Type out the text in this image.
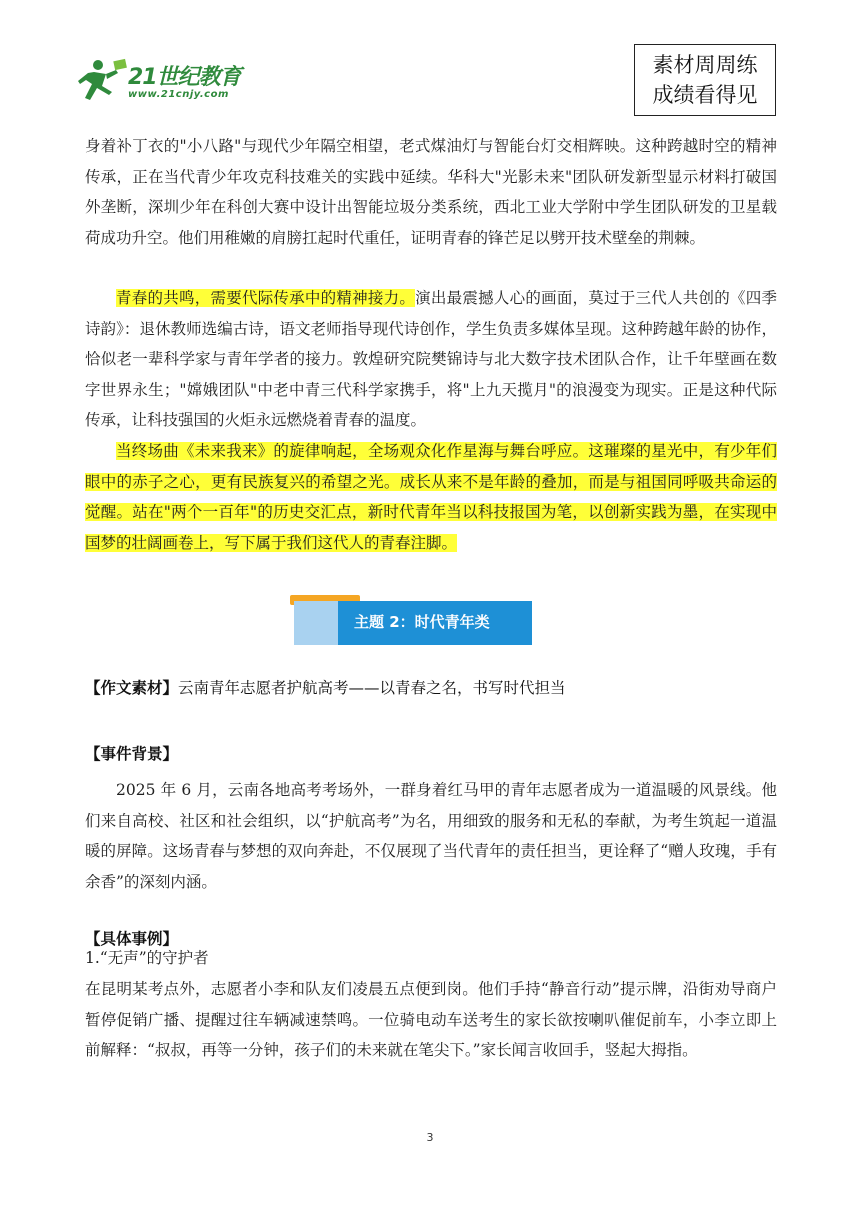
21世纪教育
www.21cnjy.com
素材周周练
成绩看得见

身着补丁衣的"小八路"与现代少年隔空相望，老式煤油灯与智能台灯交相辉映。这种跨越时空的精神传承，正在当代青少年攻克科技难关的实践中延续。华科大"光影未来"团队研发新型显示材料打破国外垄断，深圳少年在科创大赛中设计出智能垃圾分类系统，西北工业大学附中学生团队研发的卫星载荷成功升空。他们用稚嫩的肩膀扛起时代重任，证明青春的锋芒足以劈开技术壁垒的荆棘。

青春的共鸣，需要代际传承中的精神接力。演出最震撼人心的画面，莫过于三代人共创的《四季诗韵》：退休教师选编古诗，语文老师指导现代诗创作，学生负责多媒体呈现。这种跨越年龄的协作，恰似老一辈科学家与青年学者的接力。敦煌研究院樊锦诗与北大数字技术团队合作，让千年壁画在数字世界永生；"嫦娥团队"中老中青三代科学家携手，将"上九天揽月"的浪漫变为现实。正是这种代际传承，让科技强国的火炬永远燃烧着青春的温度。

当终场曲《未来我来》的旋律响起，全场观众化作星海与舞台呼应。这璀璨的星光中，有少年们眼中的赤子之心，更有民族复兴的希望之光。成长从来不是年龄的叠加，而是与祖国同呼吸共命运的觉醒。站在"两个一百年"的历史交汇点，新时代青年当以科技报国为笔，以创新实践为墨，在实现中国梦的壮阔画卷上，写下属于我们这代人的青春注脚。

主题 2：时代青年类
【作文素材】云南青年志愿者护航高考——以青春之名，书写时代担当
【事件背景】

2025 年 6 月，云南各地高考考场外，一群身着红马甲的青年志愿者成为一道温暖的风景线。他们来自高校、社区和社会组织，以“护航高考”为名，用细致的服务和无私的奉献，为考生筑起一道温暖的屏障。这场青春与梦想的双向奔赴，不仅展现了当代青年的责任担当，更诠释了“赠人玫瑰，手有余香”的深刻内涵。

【具体事例】

1.“无声”的守护者

在昆明某考点外，志愿者小李和队友们凌晨五点便到岗。他们手持“静音行动”提示牌，沿街劝导商户暂停促销广播、提醒过往车辆减速禁鸣。一位骑电动车送考生的家长欲按喇叭催促前车，小李立即上前解释：“叔叔，再等一分钟，孩子们的未来就在笔尖下。”家长闻言收回手，竖起大拇指。

3
